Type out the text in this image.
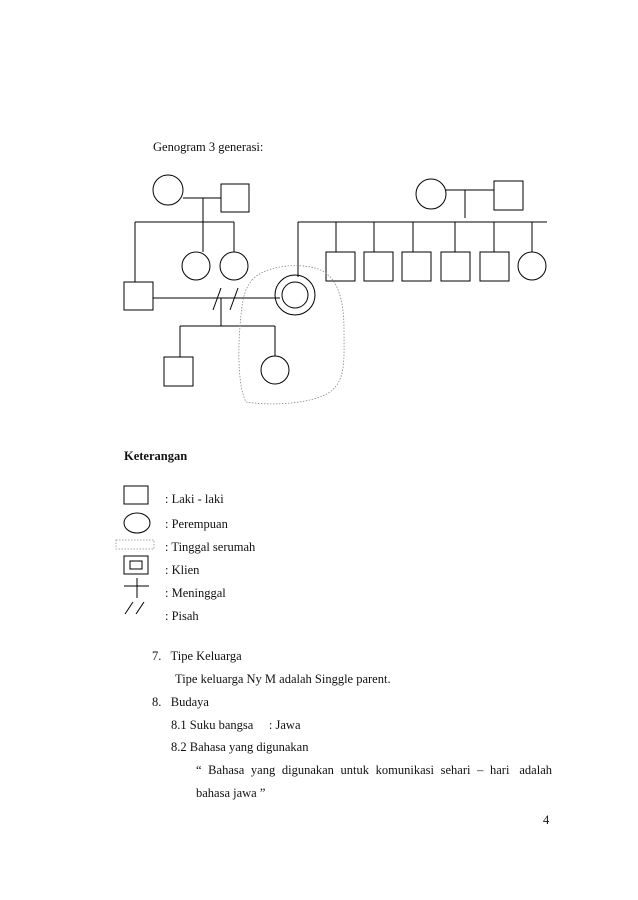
Genogram 3 generasi:
Keterangan
: Laki - laki
: Perempuan
: Tinggal serumah
: Klien
: Meninggal
: Pisah
7.   Tipe Keluarga
Tipe keluarga Ny M adalah Singgle parent.
8.   Budaya
8.1 Suku bangsa     : Jawa
8.2 Bahasa yang digunakan
“  Bahasa  yang  digunakan  untuk  komunikasi  sehari  –  hari   adalah
bahasa jawa ”
4
